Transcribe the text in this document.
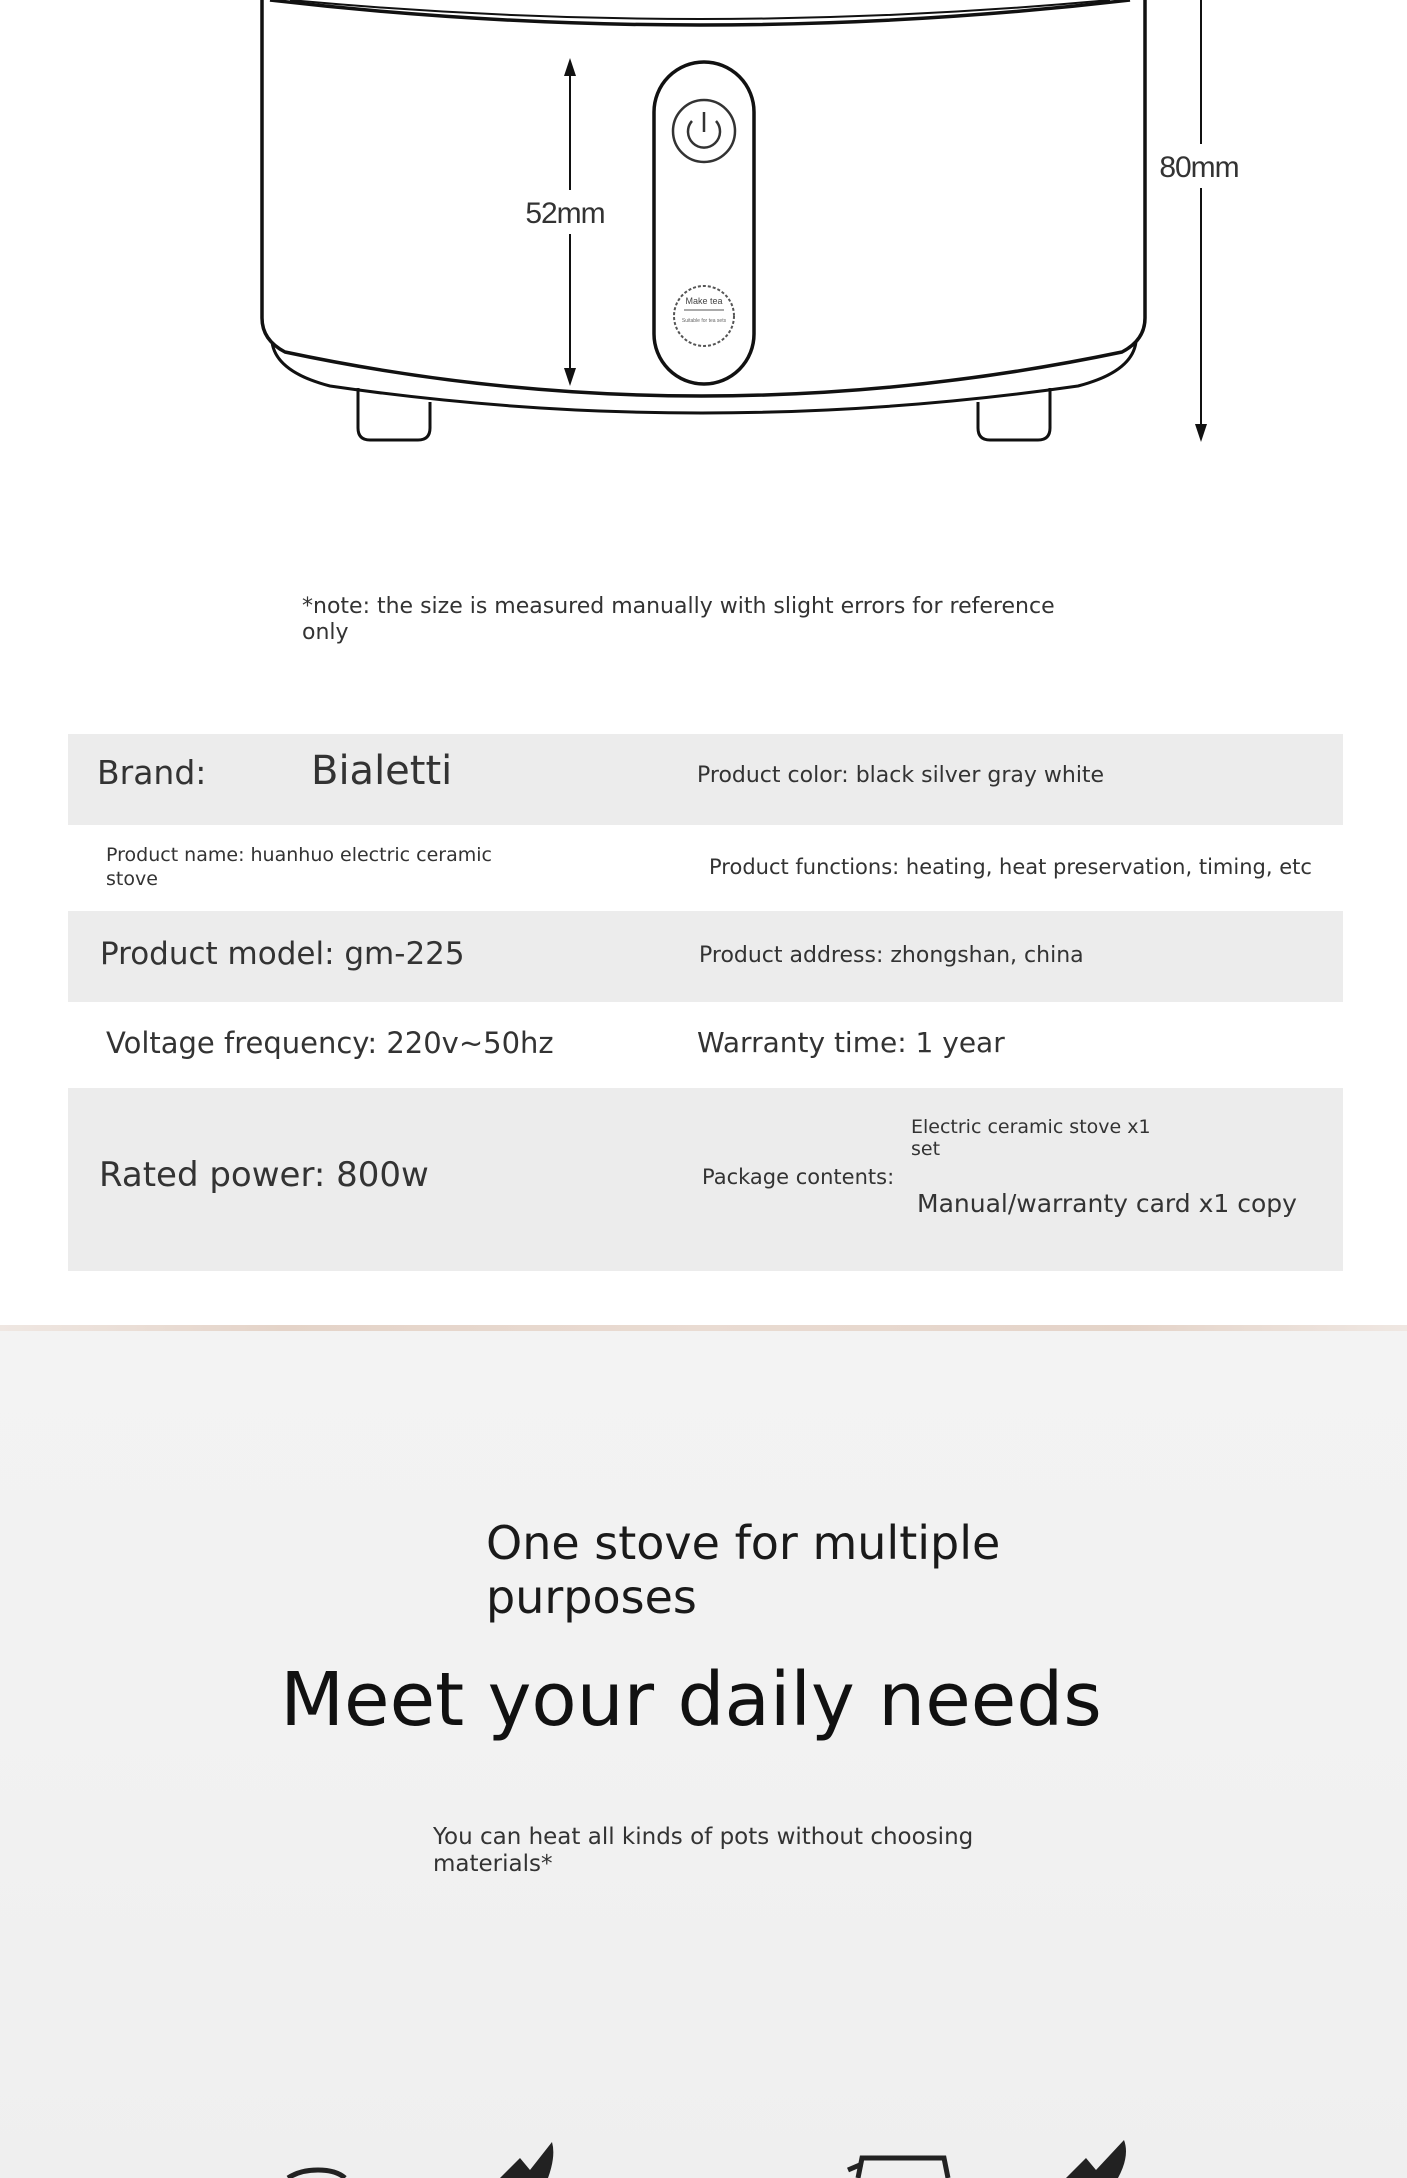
Make tea
Suitable for tea sets
52mm
80mm
*note: the size is measured manually with slight errors for reference only
Brand:	Bialetti	Product color: black silver gray white
Product name: huanhuo electric ceramic stove	Product functions: heating, heat preservation, timing, etc
Product model: gm-225	Product address: zhongshan, china
Voltage frequency: 220v~50hz	Warranty time: 1 year
Rated power: 800w	Package contents:
Electric ceramic stove x1 set
Manual/warranty card x1 copy
One stove for multiple purposes
Meet your daily needs
You can heat all kinds of pots without choosing materials*
